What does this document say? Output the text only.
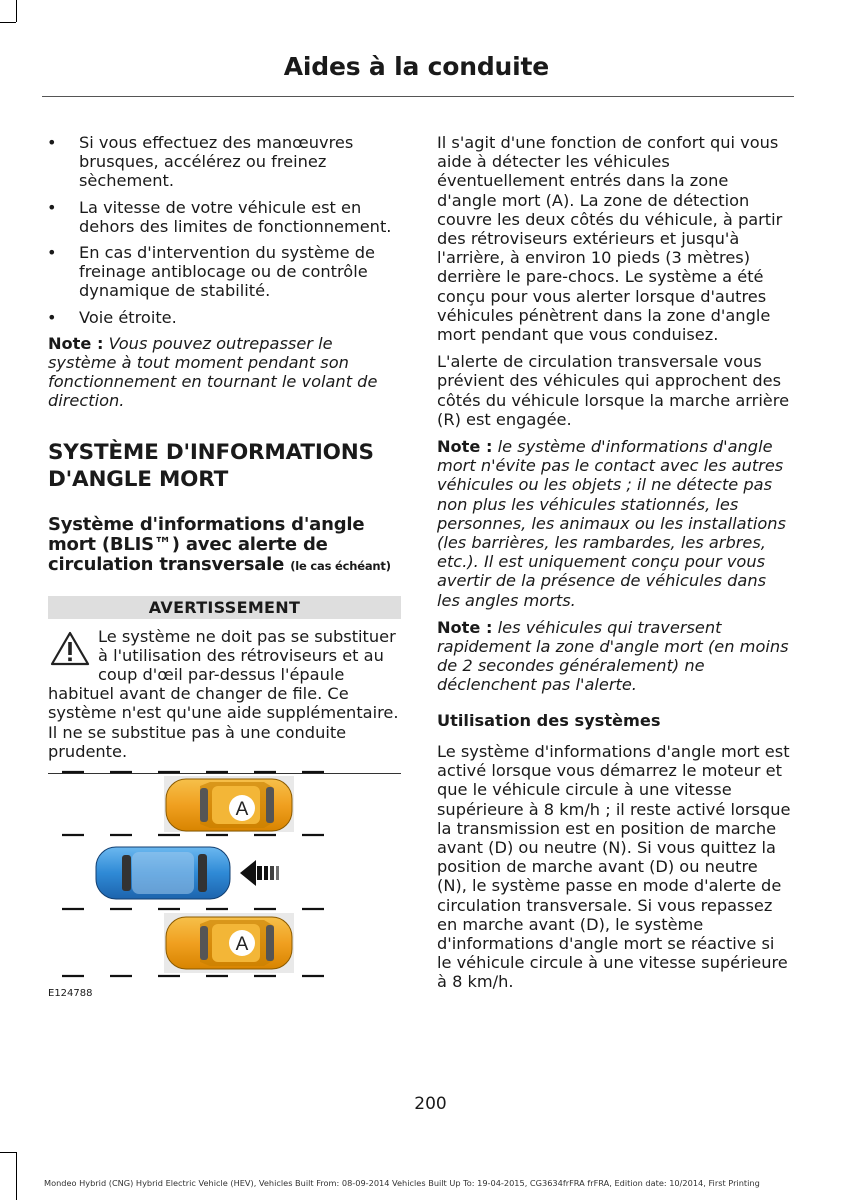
Aides à la conduite
• Si vous effectuez des manœuvres brusques, accélérez ou freinez sèchement.
• La vitesse de votre véhicule est en dehors des limites de fonctionnement.
• En cas d'intervention du système de freinage antiblocage ou de contrôle dynamique de stabilité.
• Voie étroite.
Note : Vous pouvez outrepasser le système à tout moment pendant son fonctionnement en tournant le volant de direction.
SYSTÈME D'INFORMATIONS D'ANGLE MORT
Système d'informations d'angle mort (BLIS™) avec alerte de circulation transversale (le cas échéant)
AVERTISSEMENT
Le système ne doit pas se substituer à l'utilisation des rétroviseurs et au coup d'œil par-dessus l'épaule habituel avant de changer de file. Ce système n'est qu'une aide supplémentaire. Il ne se substitue pas à une conduite prudente.
A
A
E124788
Il s'agit d'une fonction de confort qui vous aide à détecter les véhicules éventuellement entrés dans la zone d'angle mort (A). La zone de détection couvre les deux côtés du véhicule, à partir des rétroviseurs extérieurs et jusqu'à l'arrière, à environ 10 pieds (3 mètres) derrière le pare-chocs. Le système a été conçu pour vous alerter lorsque d'autres véhicules pénètrent dans la zone d'angle mort pendant que vous conduisez.
L'alerte de circulation transversale vous prévient des véhicules qui approchent des côtés du véhicule lorsque la marche arrière (R) est engagée.
Note : le système d'informations d'angle mort n'évite pas le contact avec les autres véhicules ou les objets ; il ne détecte pas non plus les véhicules stationnés, les personnes, les animaux ou les installations (les barrières, les rambardes, les arbres, etc.). Il est uniquement conçu pour vous avertir de la présence de véhicules dans les angles morts.
Note : les véhicules qui traversent rapidement la zone d'angle mort (en moins de 2 secondes généralement) ne déclenchent pas l'alerte.
Utilisation des systèmes
Le système d'informations d'angle mort est activé lorsque vous démarrez le moteur et que le véhicule circule à une vitesse supérieure à 8 km/h ; il reste activé lorsque la transmission est en position de marche avant (D) ou neutre (N). Si vous quittez la position de marche avant (D) ou neutre (N), le système passe en mode d'alerte de circulation transversale. Si vous repassez en marche avant (D), le système d'informations d'angle mort se réactive si le véhicule circule à une vitesse supérieure à 8 km/h.
200
Mondeo Hybrid (CNG) Hybrid Electric Vehicle (HEV), Vehicles Built From: 08-09-2014 Vehicles Built Up To: 19-04-2015, CG3634frFRA frFRA, Edition date: 10/2014, First Printing
